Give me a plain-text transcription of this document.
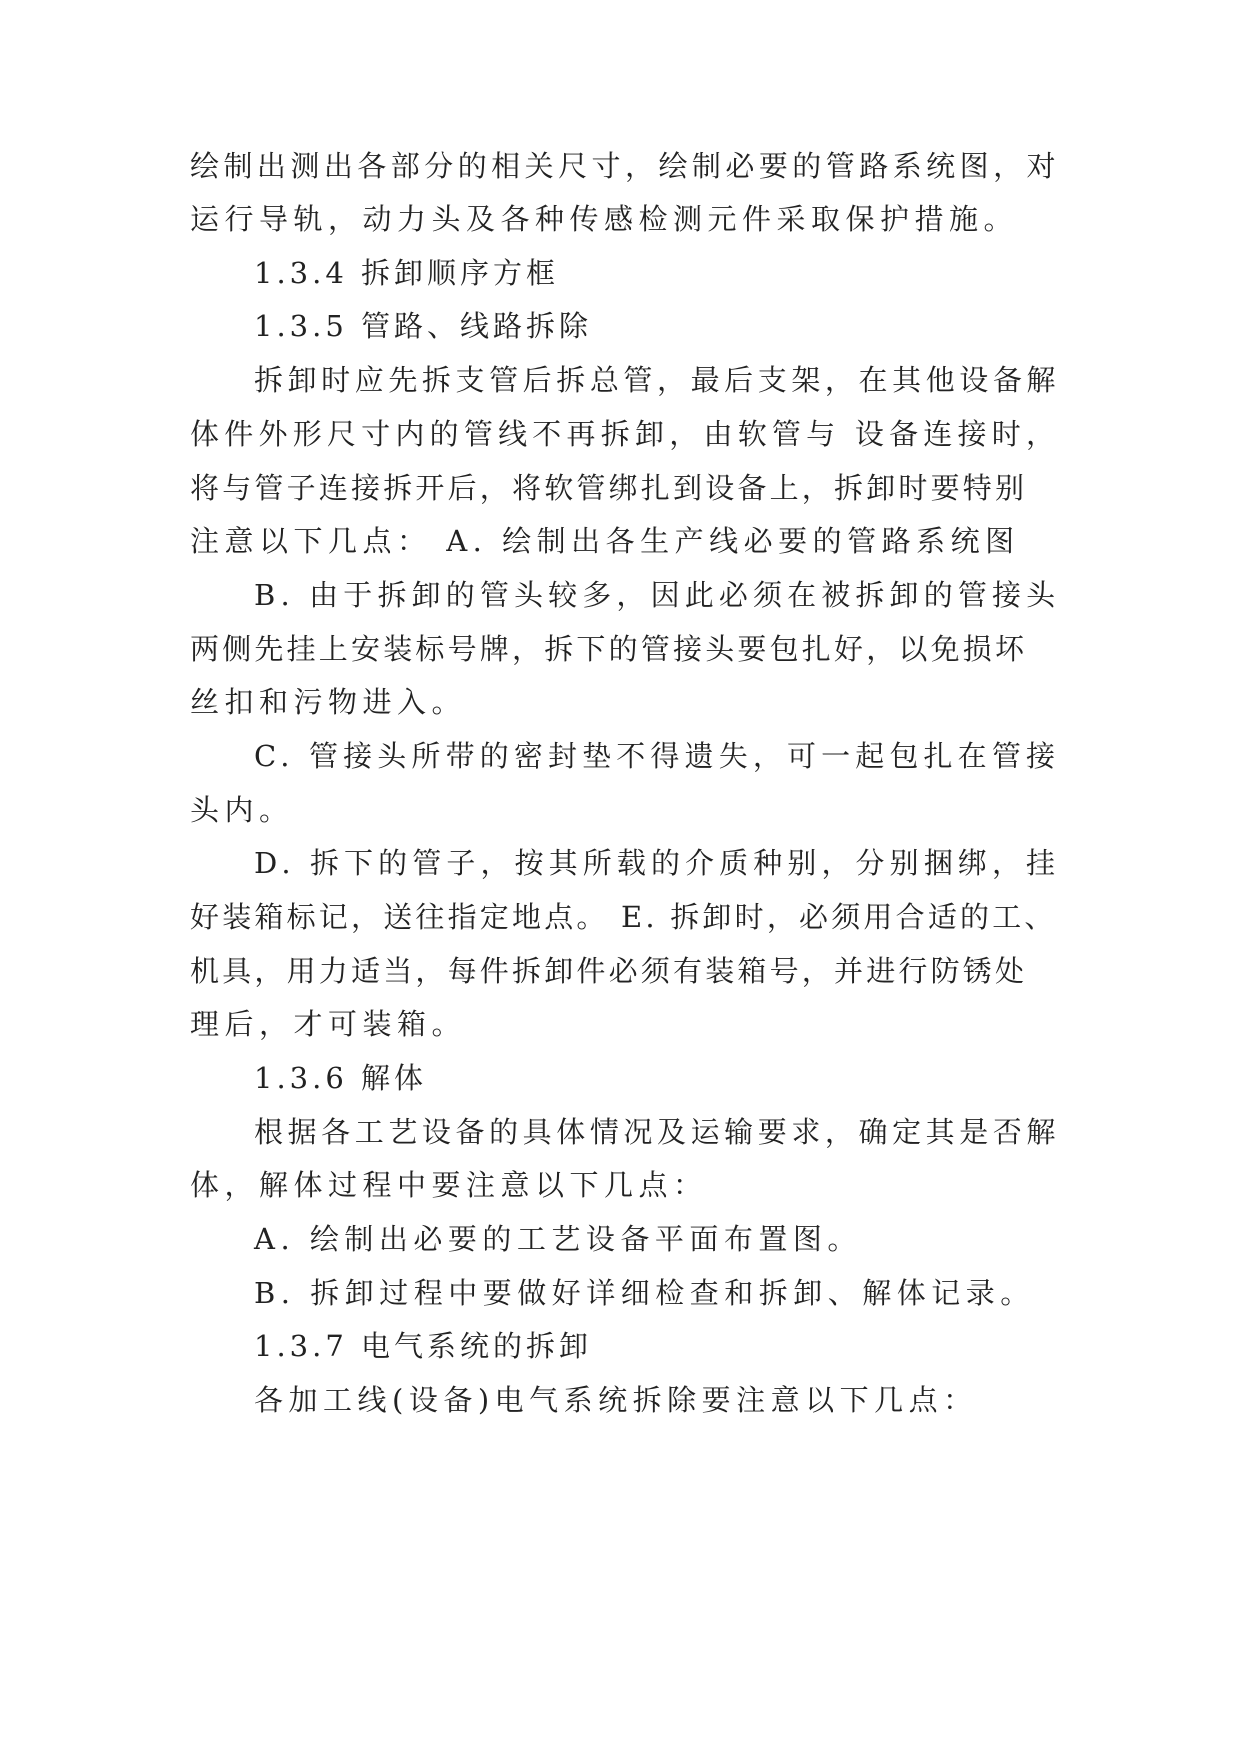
绘制出测出各部分的相关尺寸，绘制必要的管路系统图，对

运行导轨，动力头及各种传感检测元件采取保护措施。

1.3.4 拆卸顺序方框

1.3.5 管路、线路拆除

拆卸时应先拆支管后拆总管，最后支架，在其他设备解

体件外形尺寸内的管线不再拆卸，由软管与 设备连接时，

将与管子连接拆开后，将软管绑扎到设备上，拆卸时要特别

注意以下几点： A. 绘制出各生产线必要的管路系统图

B. 由于拆卸的管头较多，因此必须在被拆卸的管接头

两侧先挂上安装标号牌，拆下的管接头要包扎好，以免损坏

丝扣和污物进入。

C. 管接头所带的密封垫不得遗失，可一起包扎在管接

头内。

D. 拆下的管子，按其所载的介质种别，分别捆绑，挂

好装箱标记，送往指定地点。 E. 拆卸时，必须用合适的工、

机具，用力适当，每件拆卸件必须有装箱号，并进行防锈处

理后，才可装箱。

1.3.6 解体

根据各工艺设备的具体情况及运输要求，确定其是否解

体，解体过程中要注意以下几点：

A. 绘制出必要的工艺设备平面布置图。

B. 拆卸过程中要做好详细检查和拆卸、解体记录。

1.3.7 电气系统的拆卸

各加工线(设备)电气系统拆除要注意以下几点：
